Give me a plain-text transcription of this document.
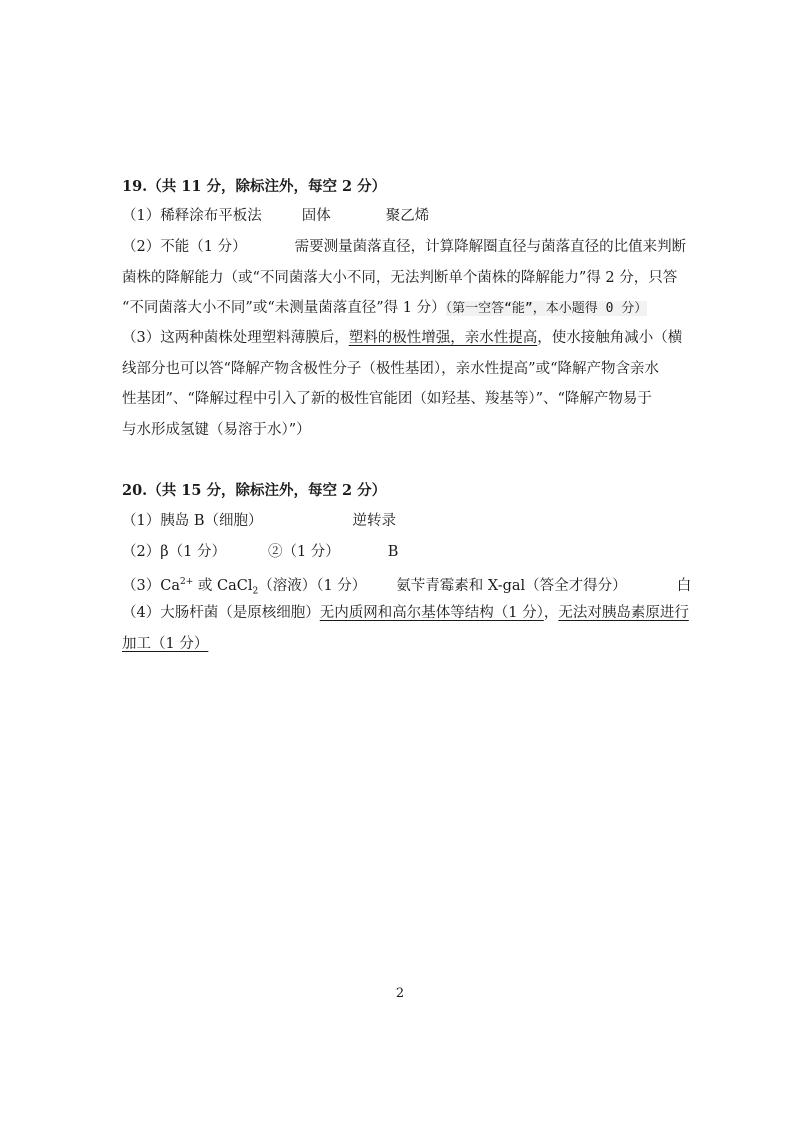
19.（共 11 分，除标注外，每空 2 分）
（1）稀释涂布平板法	固体	聚乙烯
（2）不能（1 分）	需要测量菌落直径，计算降解圈直径与菌落直径的比值来判断
菌株的降解能力（或“不同菌落大小不同，无法判断单个菌株的降解能力”得 2 分，只答
“不同菌落大小不同”或“未测量菌落直径”得 1 分）（第一空答“能”，本小题得 0 分）
（3）这两种菌株处理塑料薄膜后，塑料的极性增强，亲水性提高，使水接触角减小（横
线部分也可以答“降解产物含极性分子（极性基团），亲水性提高”或“降解产物含亲水
性基团”、“降解过程中引入了新的极性官能团（如羟基、羧基等）”、“降解产物易于
与水形成氢键（易溶于水）”）
20.（共 15 分，除标注外，每空 2 分）
（1）胰岛 B（细胞）	逆转录
（2）β（1 分）	②（1 分）	B
$(3)Ca^{2+}$ 或 CaCl$_2$（溶液）（1 分） 氨苄青霉素和 X-gal（答全才得分）	白
（4）大肠杆菌（是原核细胞）无内质网和高尔基体等结构（1 分），无法对胰岛素原进行
加工（1 分）
2
